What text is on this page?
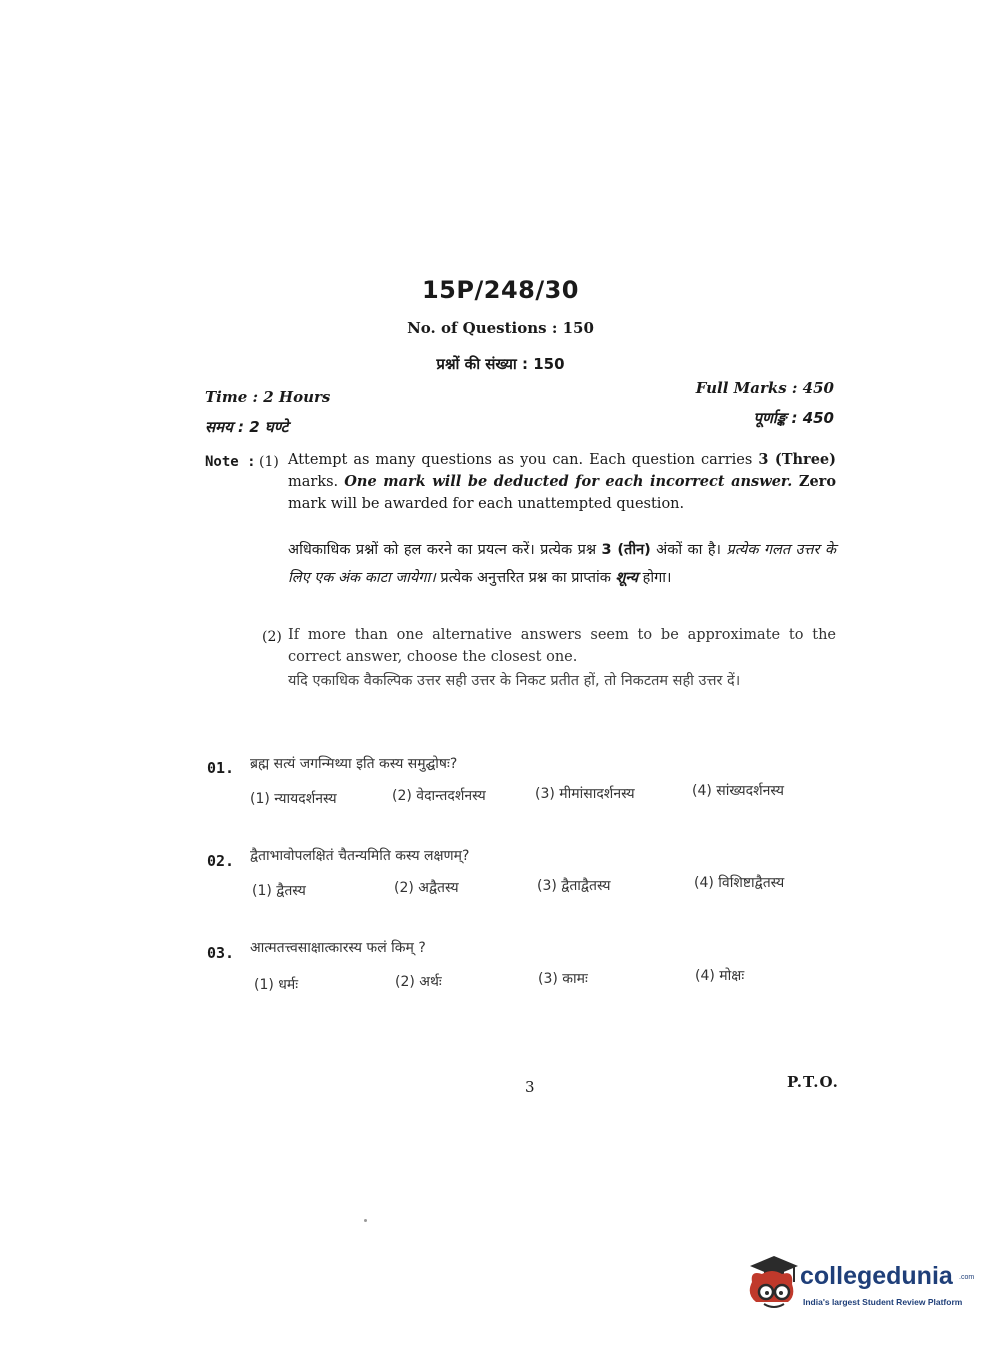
15P/248/30
No. of Questions : 150
प्रश्नों की संख्या : 150
Time : 2 Hours
समय : 2 घण्टे
Full Marks : 450
पूर्णाङ्क : 450
Note : (1) Attempt as many questions as you can. Each question carries 3 (Three) marks. One mark will be deducted for each incorrect answer. Zero mark will be awarded for each unattempted question.
अधिकाधिक प्रश्नों को हल करने का प्रयत्न करें। प्रत्येक प्रश्न 3 (तीन) अंकों का है। प्रत्येक गलत उत्तर के लिए एक अंक काटा जायेगा। प्रत्येक अनुत्तरित प्रश्न का प्राप्तांक शून्य होगा।
(2) If more than one alternative answers seem to be approximate to the correct answer, choose the closest one.
यदि एकाधिक वैकल्पिक उत्तर सही उत्तर के निकट प्रतीत हों, तो निकटतम सही उत्तर दें।
01. ब्रह्म सत्यं जगन्मिथ्या इति कस्य समुद्घोषः?
(1) न्यायदर्शनस्य	(2) वेदान्तदर्शनस्य	(3) मीमांसादर्शनस्य	(4) सांख्यदर्शनस्य
02. द्वैताभावोपलक्षितं चैतन्यमिति कस्य लक्षणम्?
(1) द्वैतस्य	(2) अद्वैतस्य	(3) द्वैताद्वैतस्य	(4) विशिष्टाद्वैतस्य
03. आत्मतत्त्वसाक्षात्कारस्य फलं किम् ?
(1) धर्मः	(2) अर्थः	(3) कामः	(4) मोक्षः
3	P.T.O.
collegedunia .com
India's largest Student Review Platform
